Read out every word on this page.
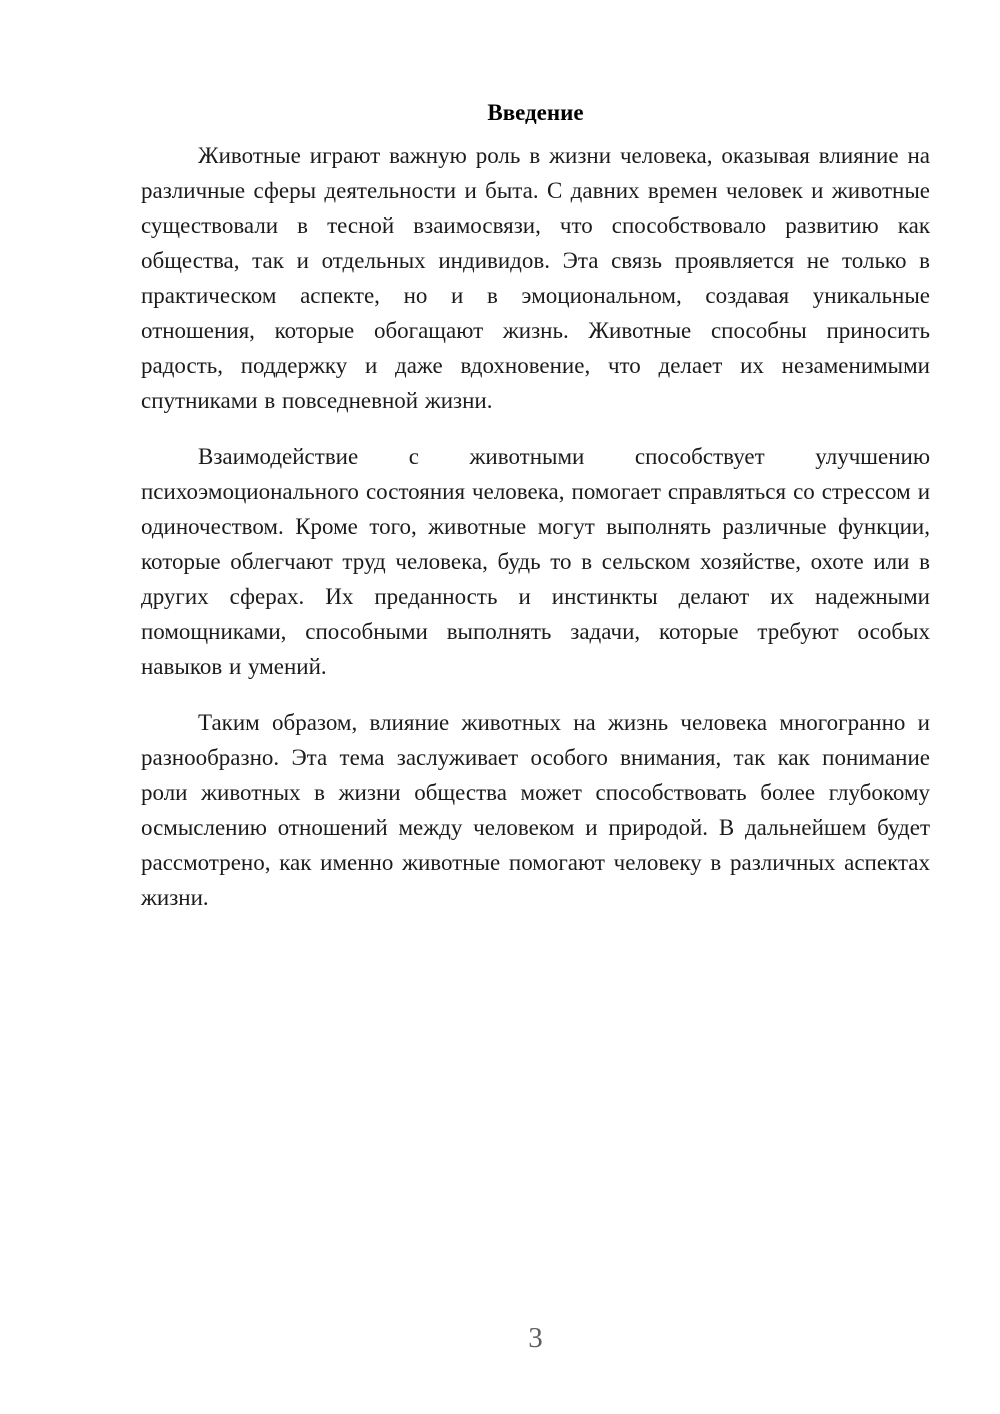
Введение

Животные играют важную роль в жизни человека, оказывая влияние на различные сферы деятельности и быта. С давних времен человек и животные существовали в тесной взаимосвязи, что способствовало развитию как общества, так и отдельных индивидов. Эта связь проявляется не только в практическом аспекте, но и в эмоциональном, создавая уникальные отношения, которые обогащают жизнь. Животные способны приносить радость, поддержку и даже вдохновение, что делает их незаменимыми спутниками в повседневной жизни.

Взаимодействие с животными способствует улучшению психоэмоционального состояния человека, помогает справляться со стрессом и одиночеством. Кроме того, животные могут выполнять различные функции, которые облегчают труд человека, будь то в сельском хозяйстве, охоте или в других сферах. Их преданность и инстинкты делают их надежными помощниками, способными выполнять задачи, которые требуют особых навыков и умений.

Таким образом, влияние животных на жизнь человека многогранно и разнообразно. Эта тема заслуживает особого внимания, так как понимание роли животных в жизни общества может способствовать более глубокому осмыслению отношений между человеком и природой. В дальнейшем будет рассмотрено, как именно животные помогают человеку в различных аспектах жизни.

3
